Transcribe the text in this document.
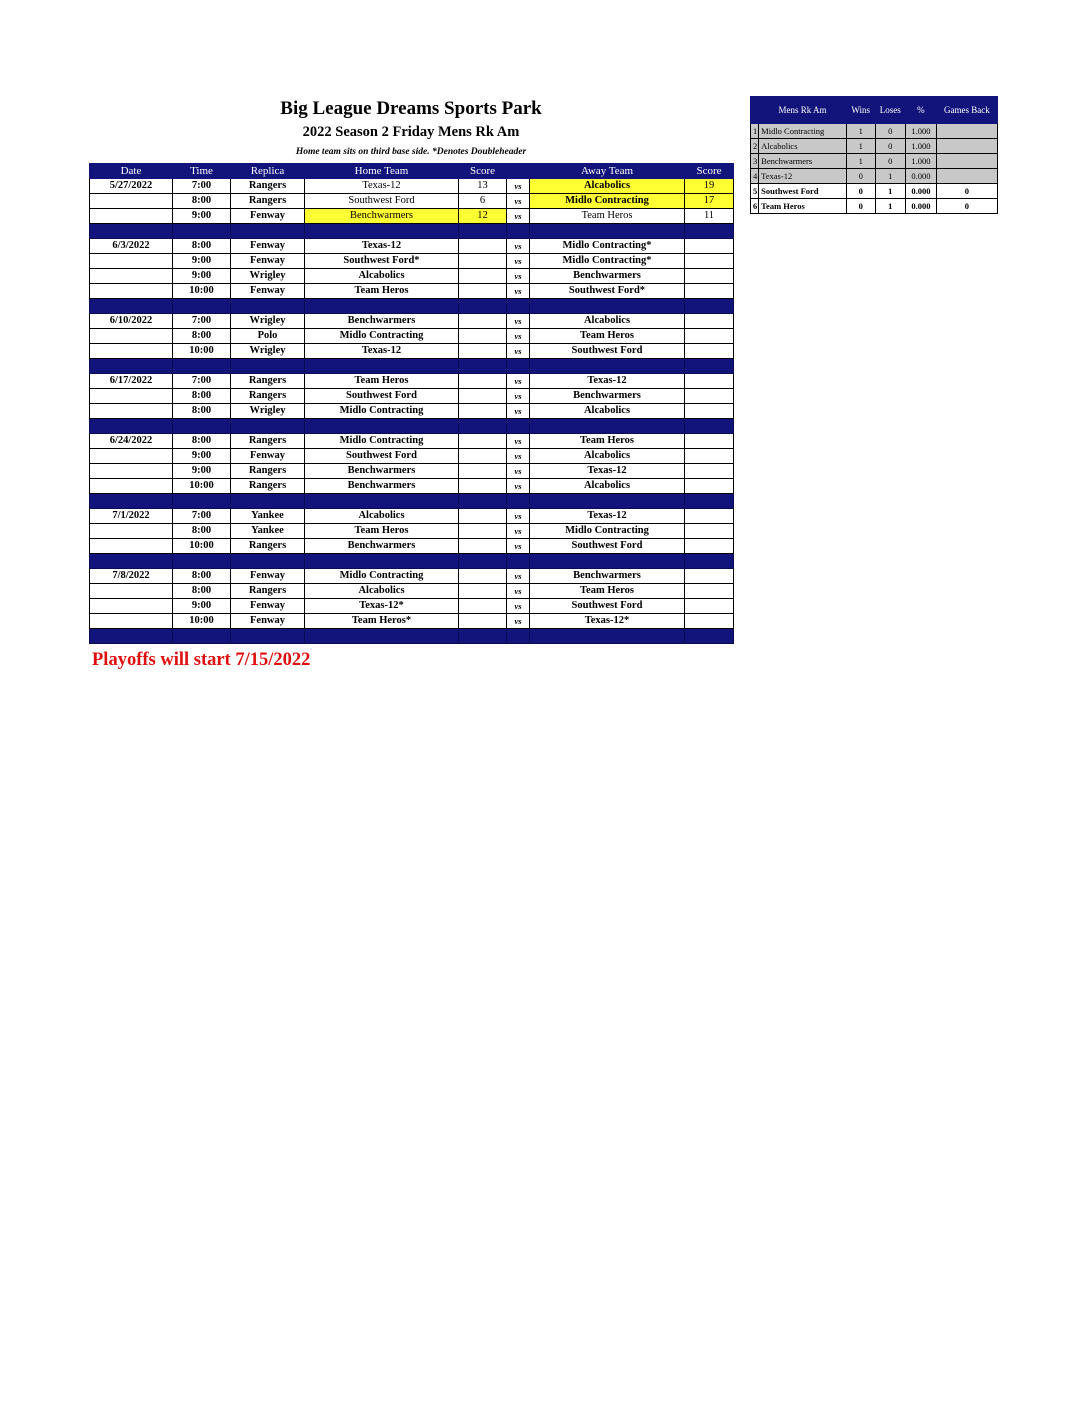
Big League Dreams Sports Park
2022 Season 2 Friday Mens Rk Am
Home team sits on third base side. *Denotes Doubleheader
Date	Time	Replica	Home Team	Score		Away Team	Score
5/27/2022	7:00	Rangers	Texas-12	13	vs	Alcabolics	19
	8:00	Rangers	Southwest Ford	6	vs	Midlo Contracting	17
	9:00	Fenway	Benchwarmers	12	vs	Team Heros	11

6/3/2022	8:00	Fenway	Texas-12		vs	Midlo Contracting*	
	9:00	Fenway	Southwest Ford*		vs	Midlo Contracting*	
	9:00	Wrigley	Alcabolics		vs	Benchwarmers	
	10:00	Fenway	Team Heros		vs	Southwest Ford*	

6/10/2022	7:00	Wrigley	Benchwarmers		vs	Alcabolics	
	8:00	Polo	Midlo Contracting		vs	Team Heros	
	10:00	Wrigley	Texas-12		vs	Southwest Ford	

6/17/2022	7:00	Rangers	Team Heros		vs	Texas-12	
	8:00	Rangers	Southwest Ford		vs	Benchwarmers	
	8:00	Wrigley	Midlo Contracting		vs	Alcabolics	

6/24/2022	8:00	Rangers	Midlo Contracting		vs	Team Heros	
	9:00	Fenway	Southwest Ford		vs	Alcabolics	
	9:00	Rangers	Benchwarmers		vs	Texas-12	
	10:00	Rangers	Benchwarmers		vs	Alcabolics	

7/1/2022	7:00	Yankee	Alcabolics		vs	Texas-12	
	8:00	Yankee	Team Heros		vs	Midlo Contracting	
	10:00	Rangers	Benchwarmers		vs	Southwest Ford	

7/8/2022	8:00	Fenway	Midlo Contracting		vs	Benchwarmers	
	8:00	Rangers	Alcabolics		vs	Team Heros	
	9:00	Fenway	Texas-12*		vs	Southwest Ford	
	10:00	Fenway	Team Heros*		vs	Texas-12*	

	Mens Rk Am	Wins	Loses	%	Games Back
1	Midlo Contracting	1	0	1.000	
2	Alcabolics	1	0	1.000	
3	Benchwarmers	1	0	1.000	
4	Texas-12	0	1	0.000	
5	Southwest Ford	0	1	0.000	0
6	Team Heros	0	1	0.000	0
Playoffs will start 7/15/2022
